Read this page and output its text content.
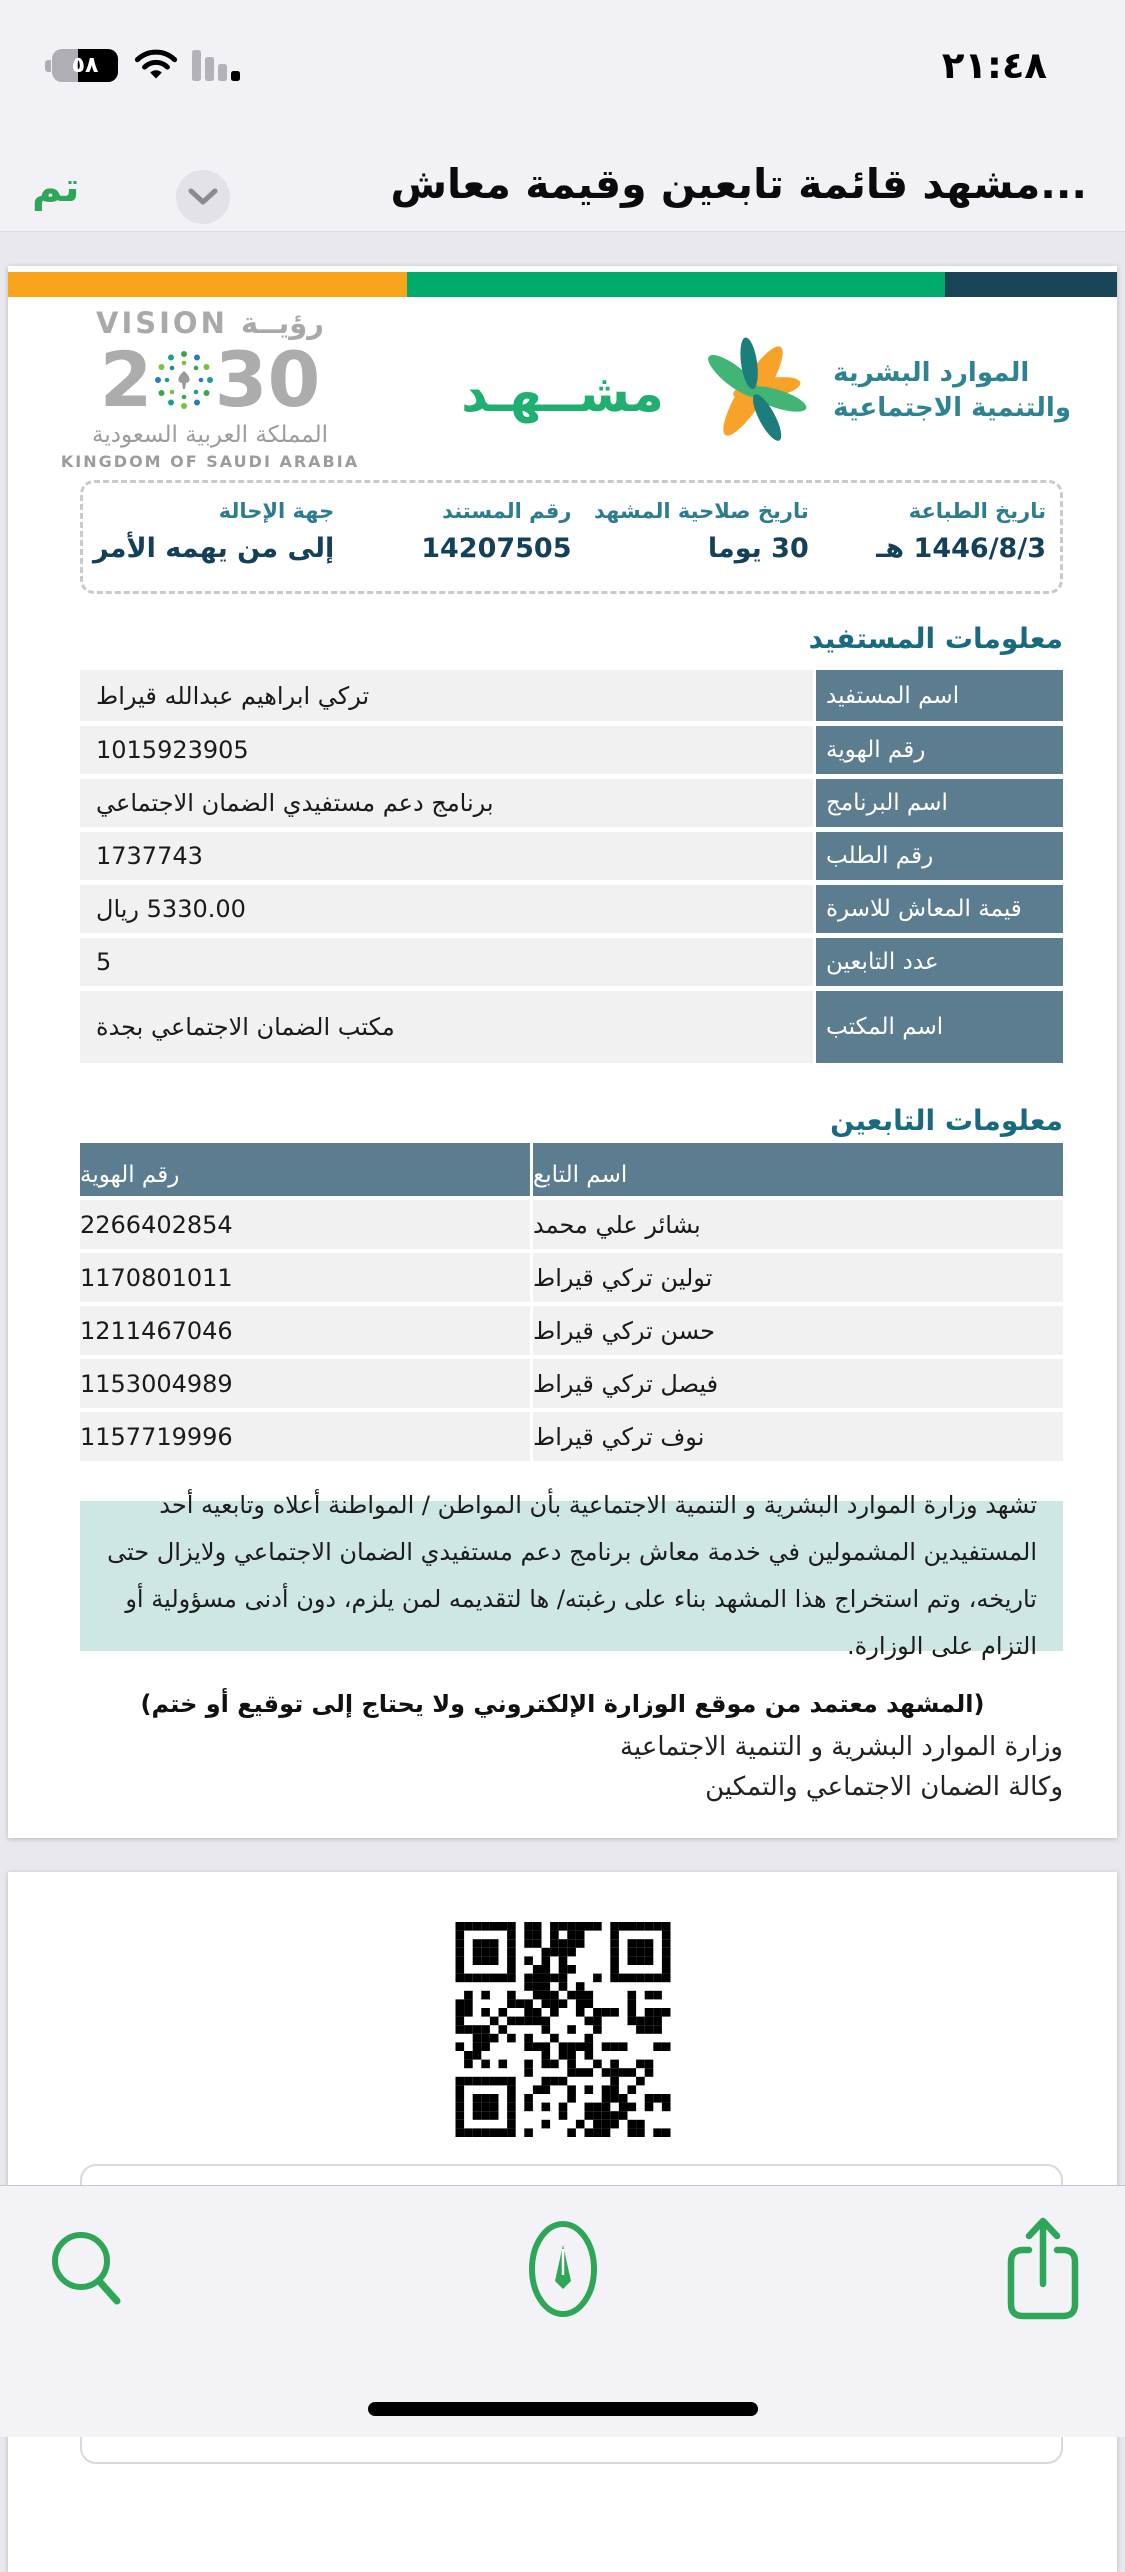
٢١:٤٨
٥٨
مشهد قائمة تابعين وقيمة معاش...
تم
الموارد البشرية
والتنمية الاجتماعية
مشــهـد
VISION رؤيــة
2 30
المملكة العربية السعودية
KINGDOM OF SAUDI ARABIA
تاريخ الطباعة
1446/8/3 هـ
تاريخ صلاحية المشهد
30 يوما
رقم المستند
14207505
جهة الإحالة
إلى من يهمه الأمر
معلومات المستفيد
اسم المستفيد
تركي ابراهيم عبدالله قيراط
رقم الهوية
1015923905
اسم البرنامج
برنامج دعم مستفيدي الضمان الاجتماعي
رقم الطلب
1737743
قيمة المعاش للاسرة
5330.00 ريال
عدد التابعين
5
اسم المكتب
مكتب الضمان الاجتماعي بجدة
معلومات التابعين
اسم التابع
رقم الهوية
بشائر علي محمد
2266402854
تولين تركي قيراط
1170801011
حسن تركي قيراط
1211467046
فيصل تركي قيراط
1153004989
نوف تركي قيراط
1157719996

تشهد وزارة الموارد البشرية و التنمية الاجتماعية بأن المواطن / المواطنة أعلاه وتابعيه أحد المستفيدين المشمولين في خدمة معاش برنامج دعم مستفيدي الضمان الاجتماعي ولايزال حتى تاريخه، وتم استخراج هذا المشهد بناء على رغبته/ ها لتقديمه لمن يلزم، دون أدنى مسؤولية أو التزام على الوزارة.

(المشهد معتمد من موقع الوزارة الإلكتروني ولا يحتاج إلى توقيع أو ختم)
وزارة الموارد البشرية و التنمية الاجتماعية
وكالة الضمان الاجتماعي والتمكين
